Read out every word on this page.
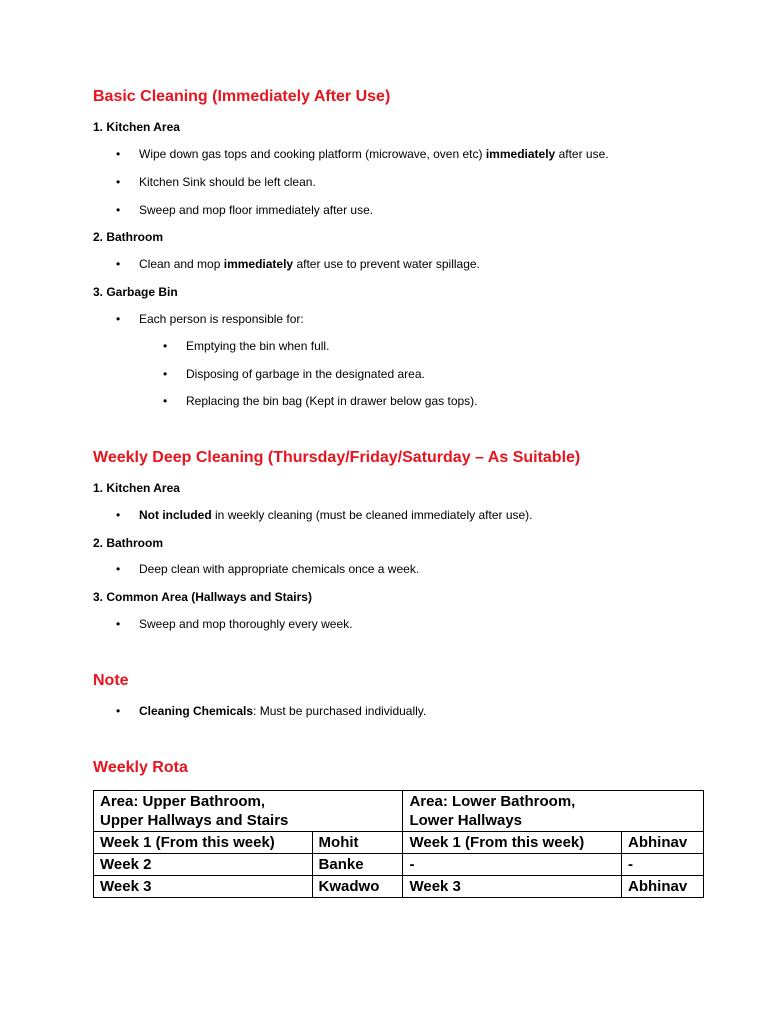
Basic Cleaning (Immediately After Use)

1. Kitchen Area

• Wipe down gas tops and cooking platform (microwave, oven etc) immediately after use.

• Kitchen Sink should be left clean.

• Sweep and mop floor immediately after use.

2. Bathroom

• Clean and mop immediately after use to prevent water spillage.

3. Garbage Bin

• Each person is responsible for:

• Emptying the bin when full.

• Disposing of garbage in the designated area.

• Replacing the bin bag (Kept in drawer below gas tops).

Weekly Deep Cleaning (Thursday/Friday/Saturday – As Suitable)

1. Kitchen Area

• Not included in weekly cleaning (must be cleaned immediately after use).

2. Bathroom

• Deep clean with appropriate chemicals once a week.

3. Common Area (Hallways and Stairs)

• Sweep and mop thoroughly every week.

Note
• Cleaning Chemicals: Must be purchased individually.

Weekly Rota
Area: Upper Bathroom,
Upper Hallways and Stairs		Area: Lower Bathroom,
Lower Hallways	
Week 1 (From this week)	Mohit	Week 1 (From this week)	Abhinav
Week 2	Banke	-	-
Week 3	Kwadwo	Week 3	Abhinav
